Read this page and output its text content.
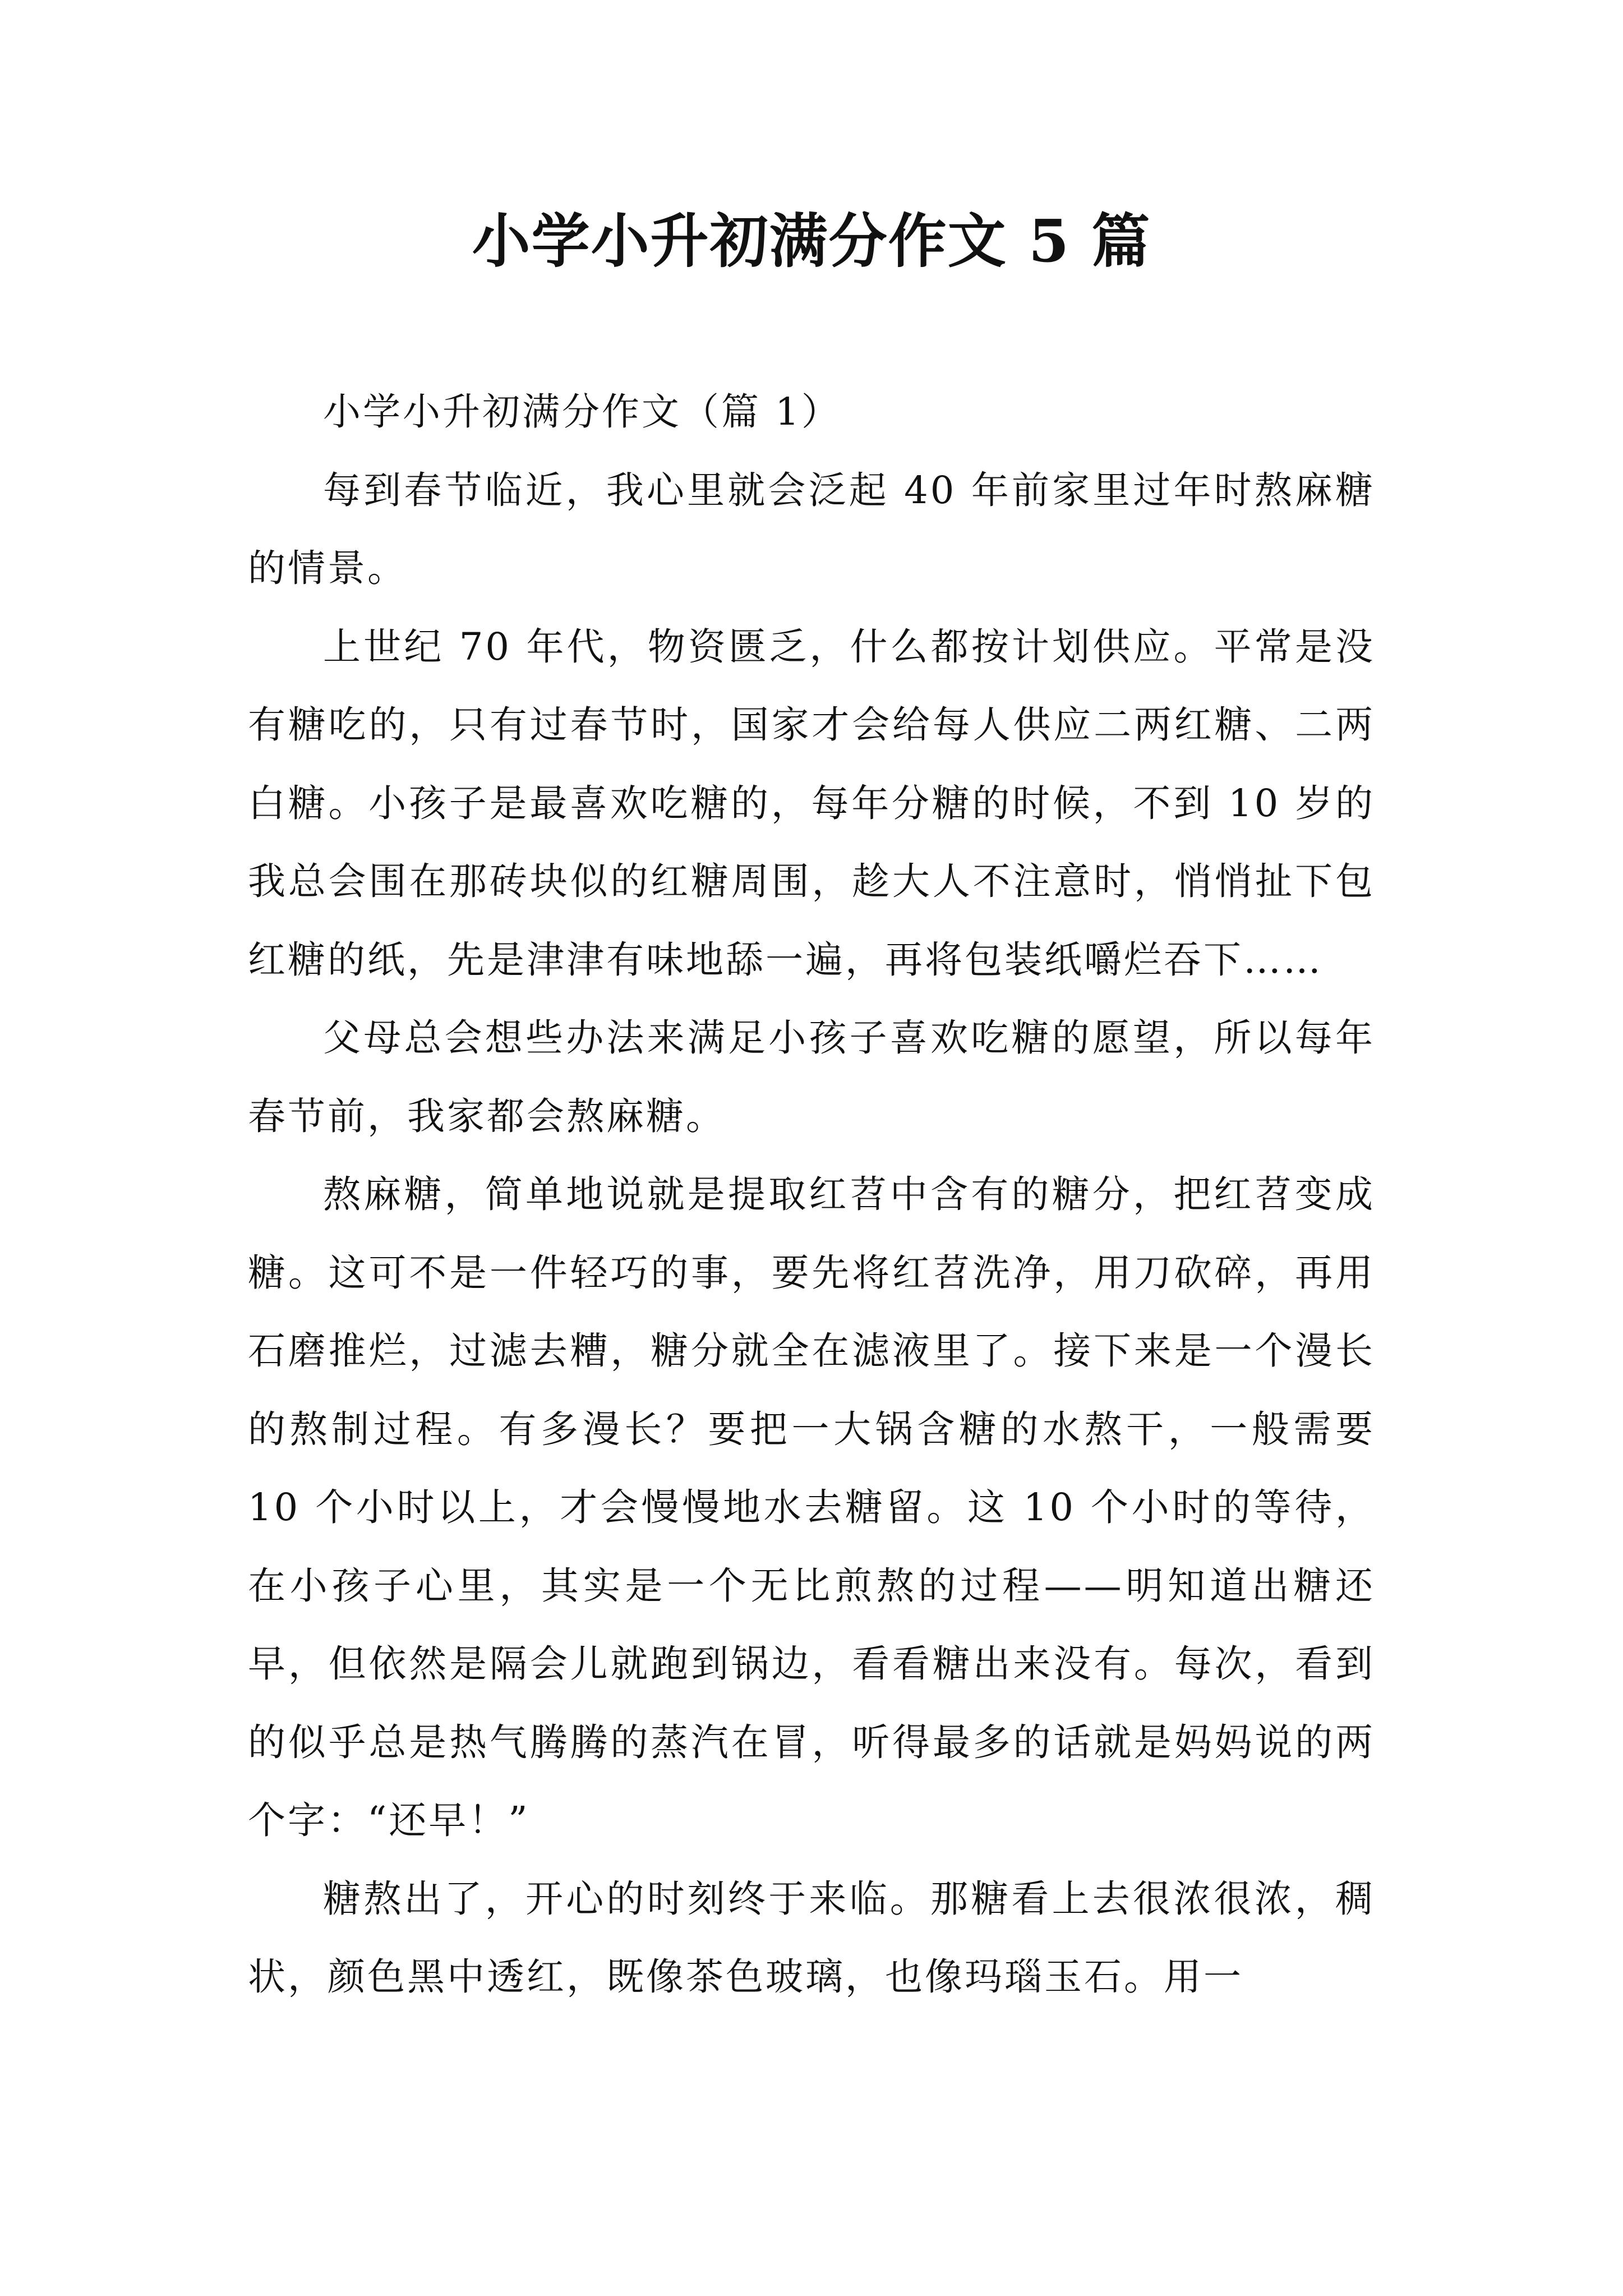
小学小升初满分作文 5 篇

小学小升初满分作文（篇 1）

每到春节临近，我心里就会泛起 40 年前家里过年时熬麻糖的情景。

上世纪 70 年代，物资匮乏，什么都按计划供应。平常是没有糖吃的，只有过春节时，国家才会给每人供应二两红糖、二两白糖。小孩子是最喜欢吃糖的，每年分糖的时候，不到 10 岁的我总会围在那砖块似的红糖周围，趁大人不注意时，悄悄扯下包红糖的纸，先是津津有味地舔一遍，再将包装纸嚼烂吞下……

父母总会想些办法来满足小孩子喜欢吃糖的愿望，所以每年春节前，我家都会熬麻糖。

熬麻糖，简单地说就是提取红苕中含有的糖分，把红苕变成糖。这可不是一件轻巧的事，要先将红苕洗净，用刀砍碎，再用石磨推烂，过滤去糟，糖分就全在滤液里了。接下来是一个漫长的熬制过程。有多漫长？要把一大锅含糖的水熬干，一般需要 10 个小时以上，才会慢慢地水去糖留。这 10 个小时的等待，在小孩子心里，其实是一个无比煎熬的过程——明知道出糖还早，但依然是隔会儿就跑到锅边，看看糖出来没有。每次，看到的似乎总是热气腾腾的蒸汽在冒，听得最多的话就是妈妈说的两个字：“还早！”

糖熬出了，开心的时刻终于来临。那糖看上去很浓很浓，稠状，颜色黑中透红，既像茶色玻璃，也像玛瑙玉石。用一
